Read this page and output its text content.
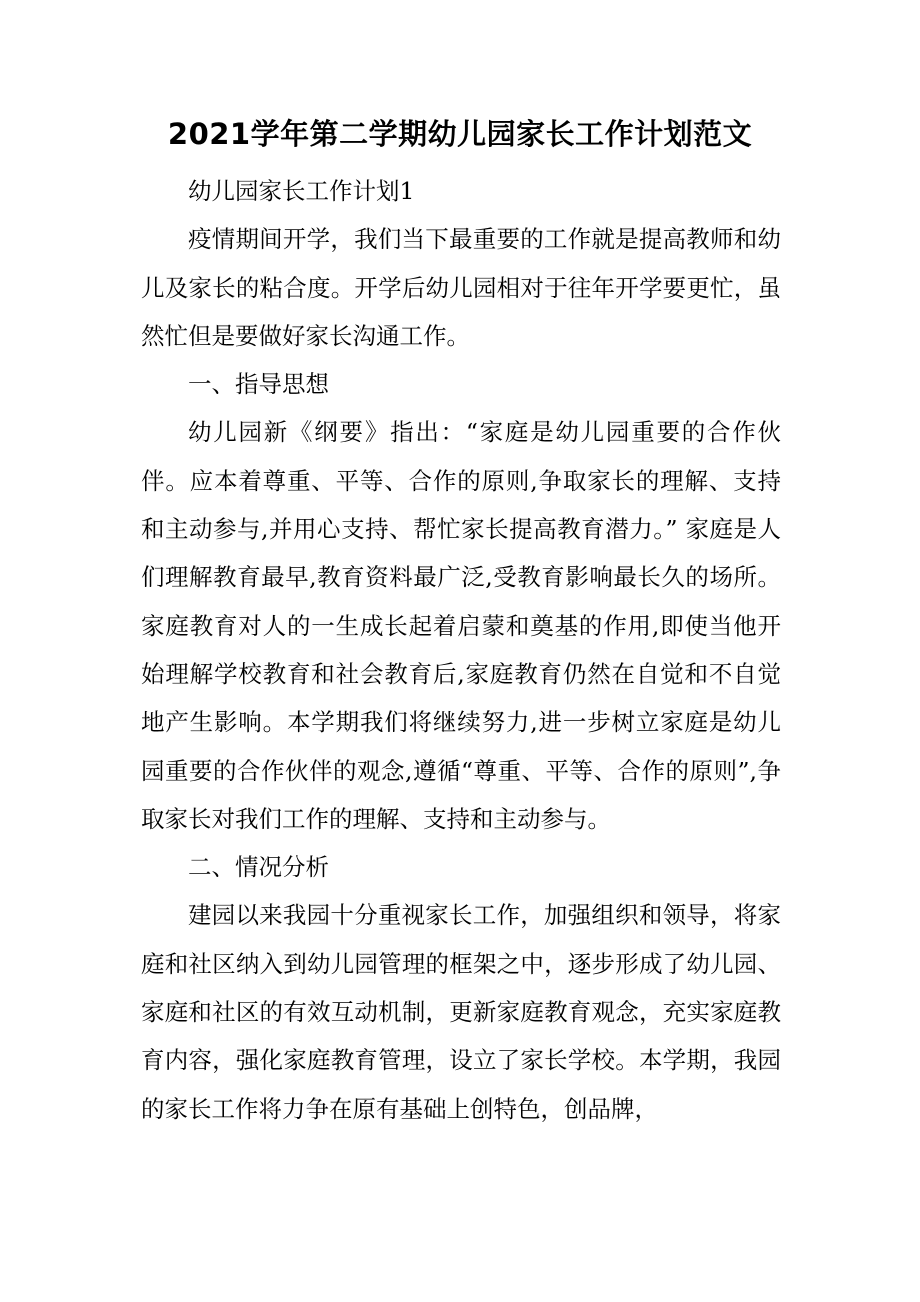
2021学年第二学期幼儿园家长工作计划范文

幼儿园家长工作计划1

疫情期间开学，我们当下最重要的工作就是提高教师和幼儿及家长的粘合度。开学后幼儿园相对于往年开学要更忙，虽然忙但是要做好家长沟通工作。

一、指导思想

幼儿园新《纲要》指出：“家庭是幼儿园重要的合作伙伴。应本着尊重、平等、合作的原则,争取家长的理解、支持和主动参与,并用心支持、帮忙家长提高教育潜力。” 家庭是人们理解教育最早,教育资料最广泛,受教育影响最长久的场所。家庭教育对人的一生成长起着启蒙和奠基的作用,即使当他开始理解学校教育和社会教育后,家庭教育仍然在自觉和不自觉地产生影响。本学期我们将继续努力,进一步树立家庭是幼儿园重要的合作伙伴的观念,遵循“尊重、平等、合作的原则”,争取家长对我们工作的理解、支持和主动参与。

二、情况分析

建园以来我园十分重视家长工作，加强组织和领导，将家庭和社区纳入到幼儿园管理的框架之中，逐步形成了幼儿园、家庭和社区的有效互动机制，更新家庭教育观念，充实家庭教育内容，强化家庭教育管理，设立了家长学校。本学期，我园的家长工作将力争在原有基础上创特色，创品牌，
